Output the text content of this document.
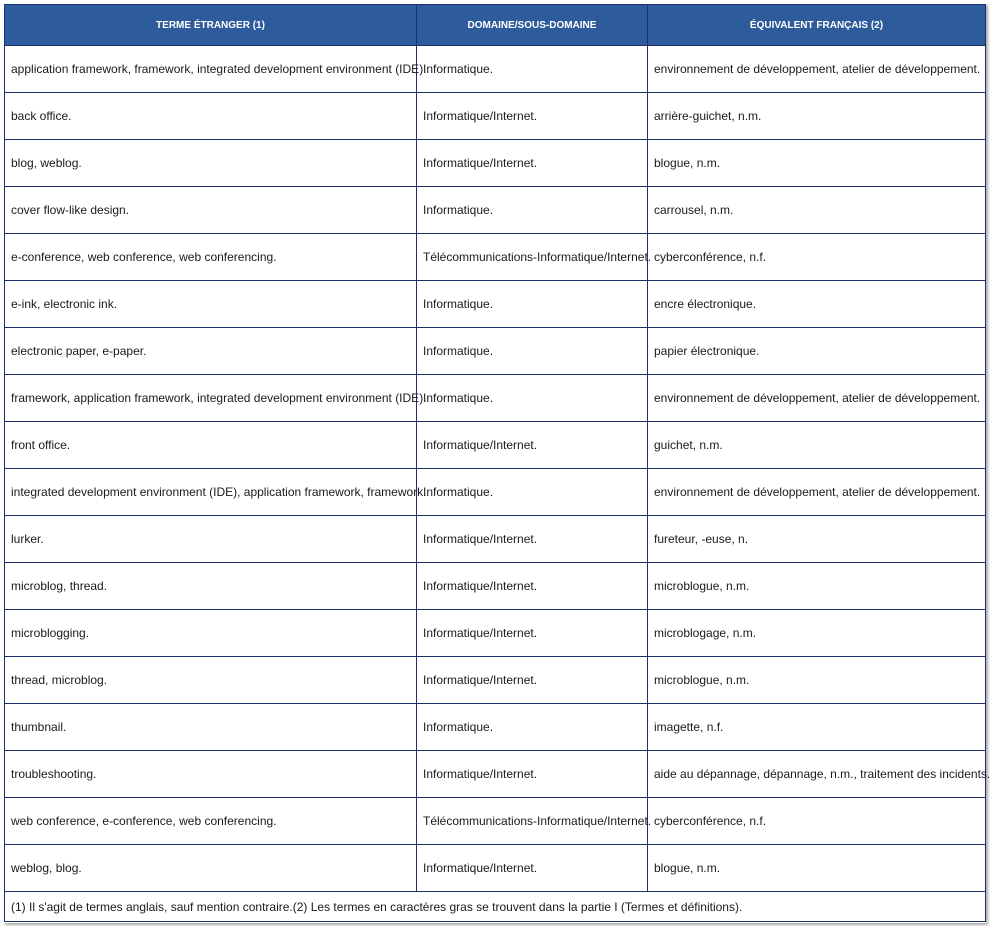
TERME ÉTRANGER (1)	DOMAINE/SOUS-DOMAINE	ÉQUIVALENT FRANÇAIS (2)
application framework, framework, integrated development environment (IDE).	Informatique.	environnement de développement, atelier de développement.
back office.	Informatique/Internet.	arrière-guichet, n.m.
blog, weblog.	Informatique/Internet.	blogue, n.m.
cover flow-like design.	Informatique.	carrousel, n.m.
e-conference, web conference, web conferencing.	Télécommunications-Informatique/Internet.	cyberconférence, n.f.
e-ink, electronic ink.	Informatique.	encre électronique.
electronic paper, e-paper.	Informatique.	papier électronique.
framework, application framework, integrated development environment (IDE).	Informatique.	environnement de développement, atelier de développement.
front office.	Informatique/Internet.	guichet, n.m.
integrated development environment (IDE), application framework, framework.	Informatique.	environnement de développement, atelier de développement.
lurker.	Informatique/Internet.	fureteur, -euse, n.
microblog, thread.	Informatique/Internet.	microblogue, n.m.
microblogging.	Informatique/Internet.	microblogage, n.m.
thread, microblog.	Informatique/Internet.	microblogue, n.m.
thumbnail.	Informatique.	imagette, n.f.
troubleshooting.	Informatique/Internet.	aide au dépannage, dépannage, n.m., traitement des incidents.
web conference, e-conference, web conferencing.	Télécommunications-Informatique/Internet.	cyberconférence, n.f.
weblog, blog.	Informatique/Internet.	blogue, n.m.
(1) Il s'agit de termes anglais, sauf mention contraire.(2) Les termes en caractères gras se trouvent dans la partie I (Termes et définitions).		
